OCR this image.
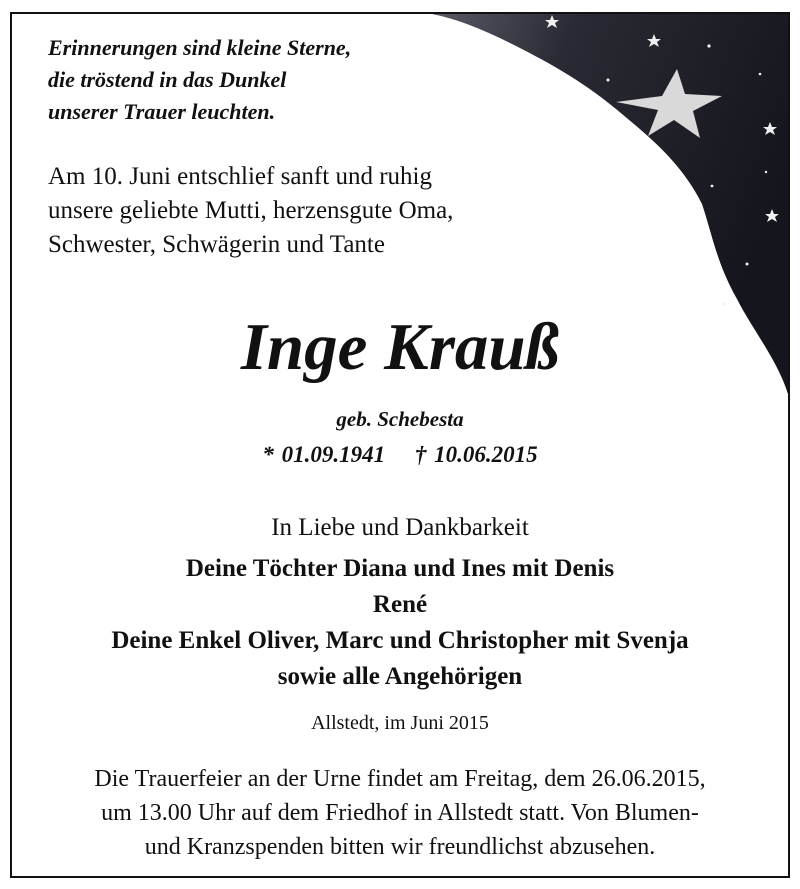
Erinnerungen sind kleine Sterne,
die tröstend in das Dunkel
unserer Trauer leuchten.
Am 10. Juni entschlief sanft und ruhig
unsere geliebte Mutti, herzensgute Oma,
Schwester, Schwägerin und Tante
Inge Krauß
geb. Schebesta
* 01.09.1941 † 10.06.2015
In Liebe und Dankbarkeit
Deine Töchter Diana und Ines mit Denis
René
Deine Enkel Oliver, Marc und Christopher mit Svenja
sowie alle Angehörigen
Allstedt, im Juni 2015
Die Trauerfeier an der Urne findet am Freitag, dem 26.06.2015,
um 13.00 Uhr auf dem Friedhof in Allstedt statt. Von Blumen-
und Kranzspenden bitten wir freundlichst abzusehen.
